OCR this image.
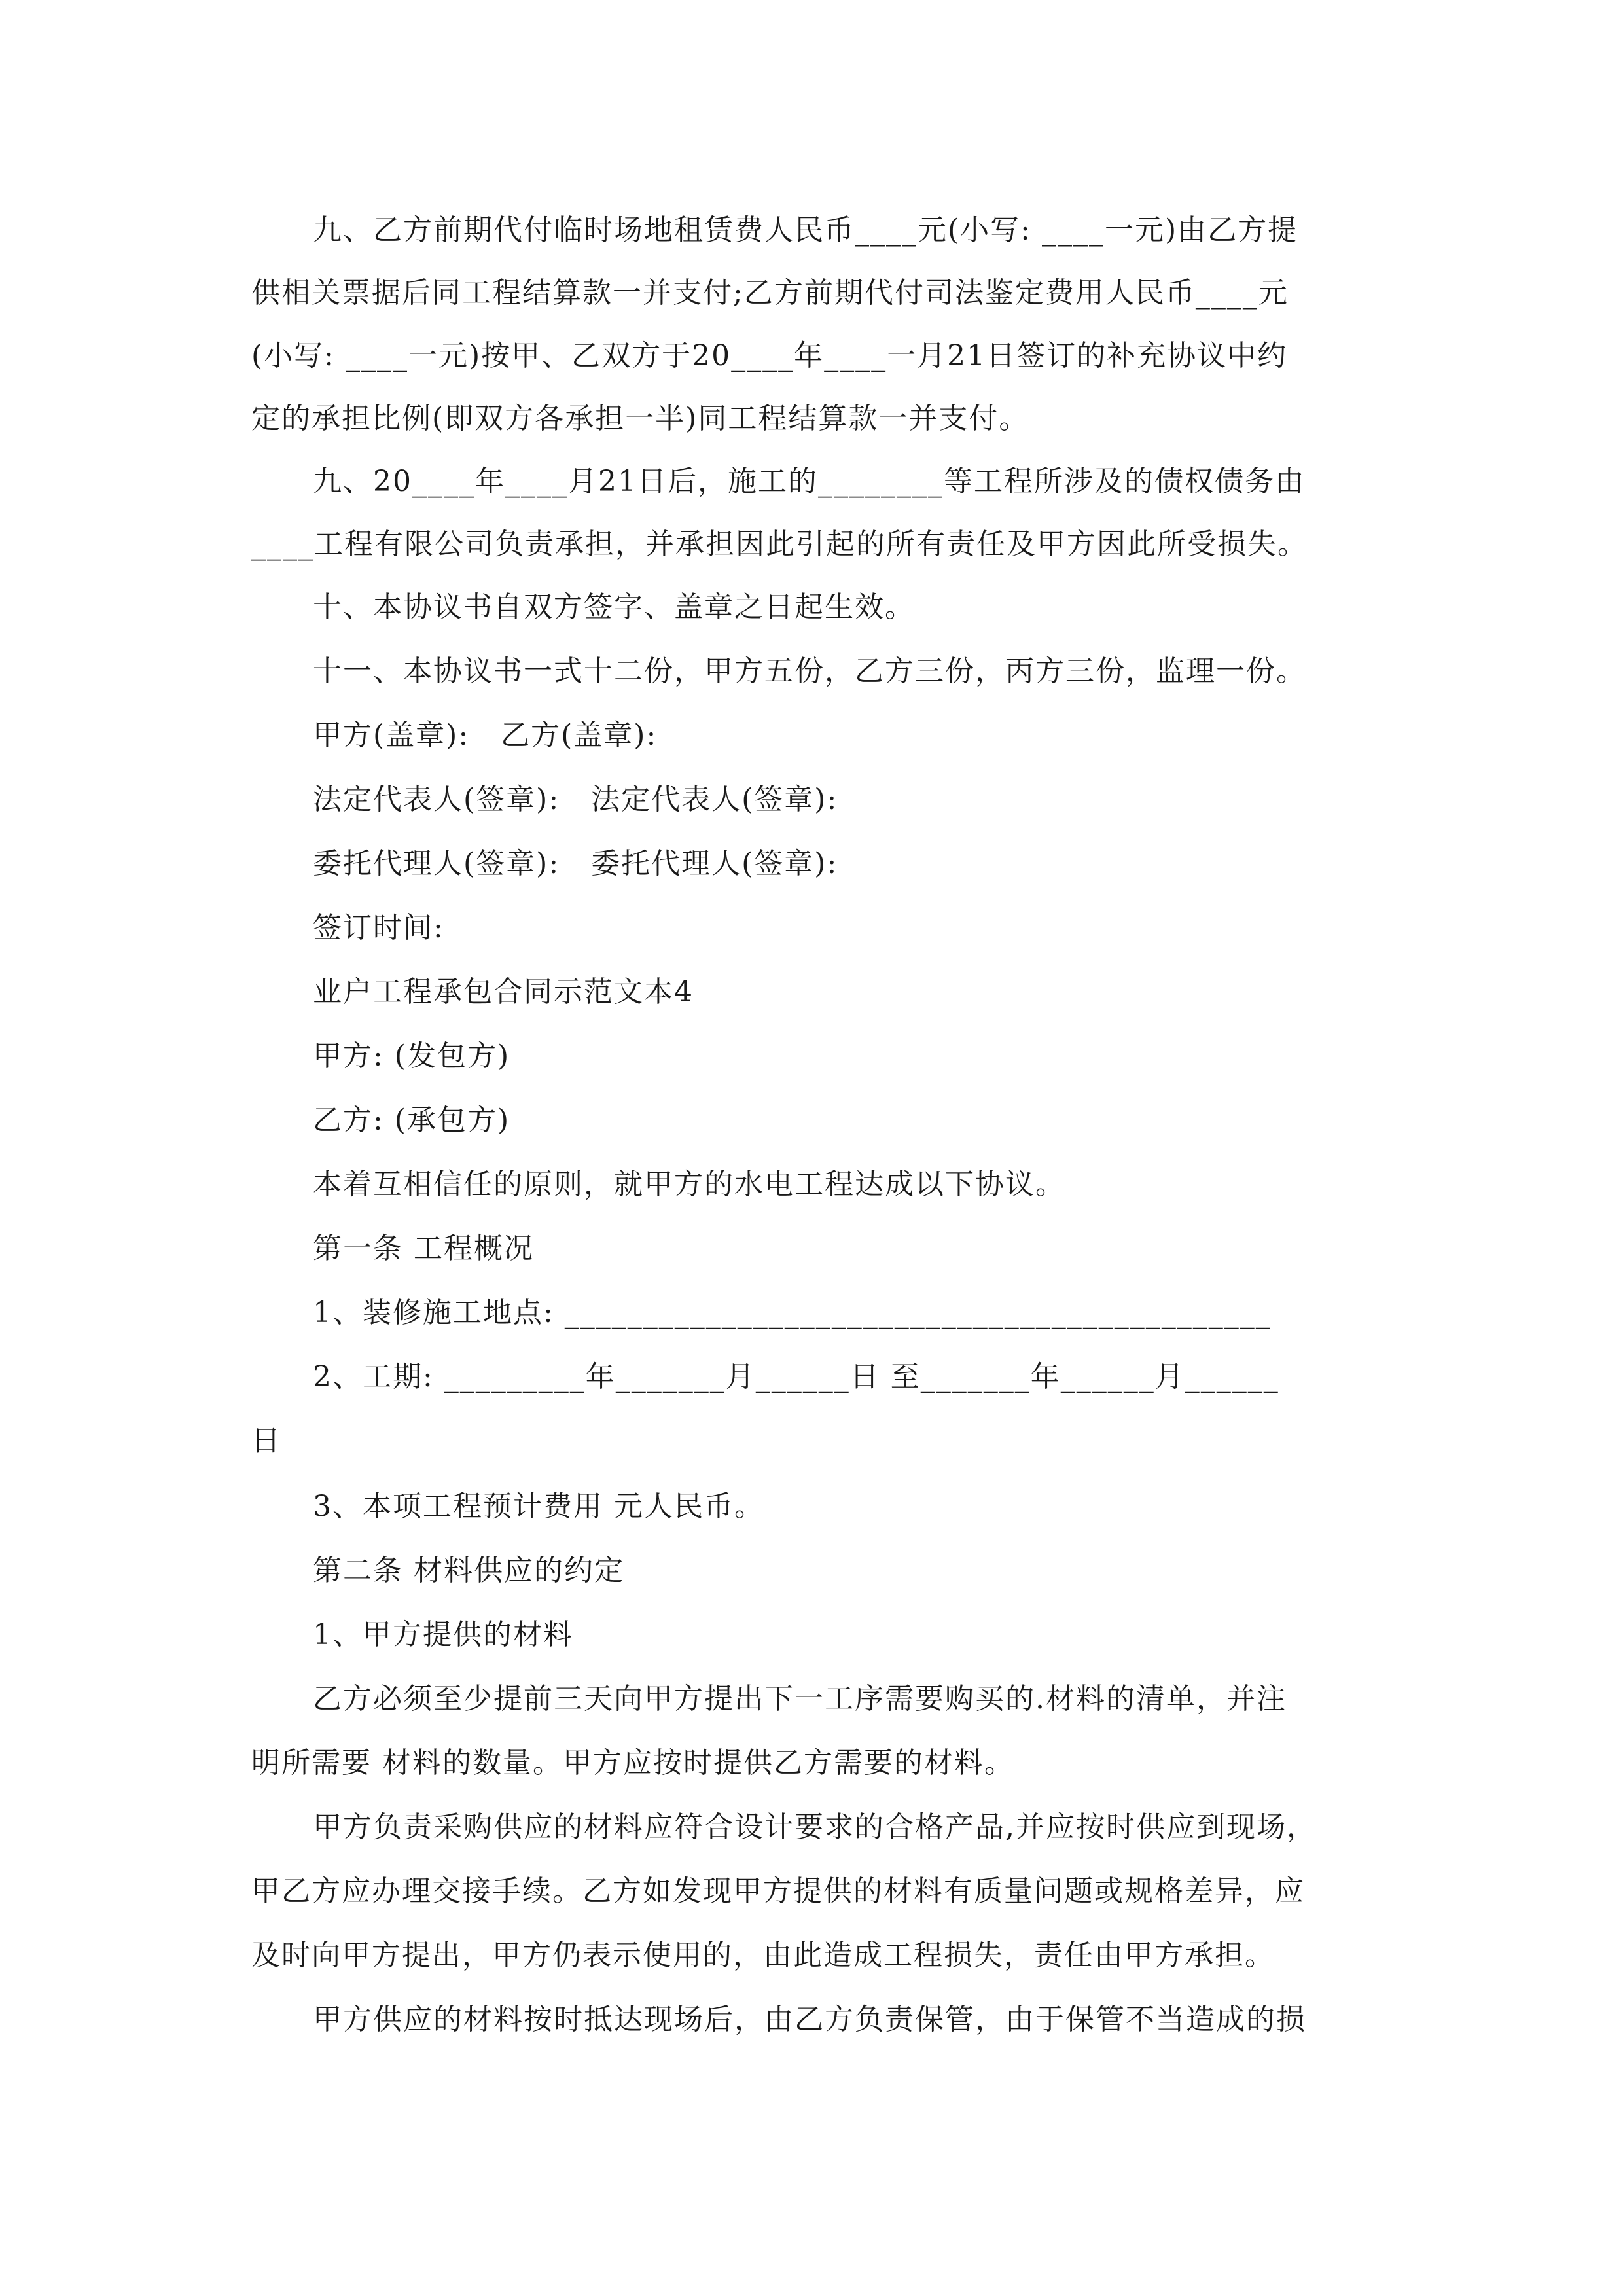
九、乙方前期代付临时场地租赁费人民币____元(小写: ____一元)由乙方提
供相关票据后同工程结算款一并支付;乙方前期代付司法鉴定费用人民币____元
(小写: ____一元)按甲、乙双方于20____年____一月21日签订的补充协议中约
定的承担比例(即双方各承担一半)同工程结算款一并支付。
九、20____年____月21日后，施工的________等工程所涉及的债权债务由
____工程有限公司负责承担，并承担因此引起的所有责任及甲方因此所受损失。
十、本协议书自双方签字、盖章之日起生效。
十一、本协议书一式十二份，甲方五份，乙方三份，丙方三份，监理一份。
甲方(盖章):   乙方(盖章):
法定代表人(签章):   法定代表人(签章):
委托代理人(签章):   委托代理人(签章):
签订时间:
业户工程承包合同示范文本4
甲方: (发包方)
乙方: (承包方)
本着互相信任的原则，就甲方的水电工程达成以下协议。
第一条 工程概况
1、装修施工地点: _____________________________________________
2、工期: _________年_______月______日 至_______年______月______
日
3、本项工程预计费用 元人民币。
第二条 材料供应的约定
1、甲方提供的材料
乙方必须至少提前三天向甲方提出下一工序需要购买的.材料的清单，并注
明所需要 材料的数量。甲方应按时提供乙方需要的材料。
甲方负责采购供应的材料应符合设计要求的合格产品,并应按时供应到现场，
甲乙方应办理交接手续。乙方如发现甲方提供的材料有质量问题或规格差异，应
及时向甲方提出，甲方仍表示使用的，由此造成工程损失，责任由甲方承担。
甲方供应的材料按时抵达现场后，由乙方负责保管，由于保管不当造成的损
